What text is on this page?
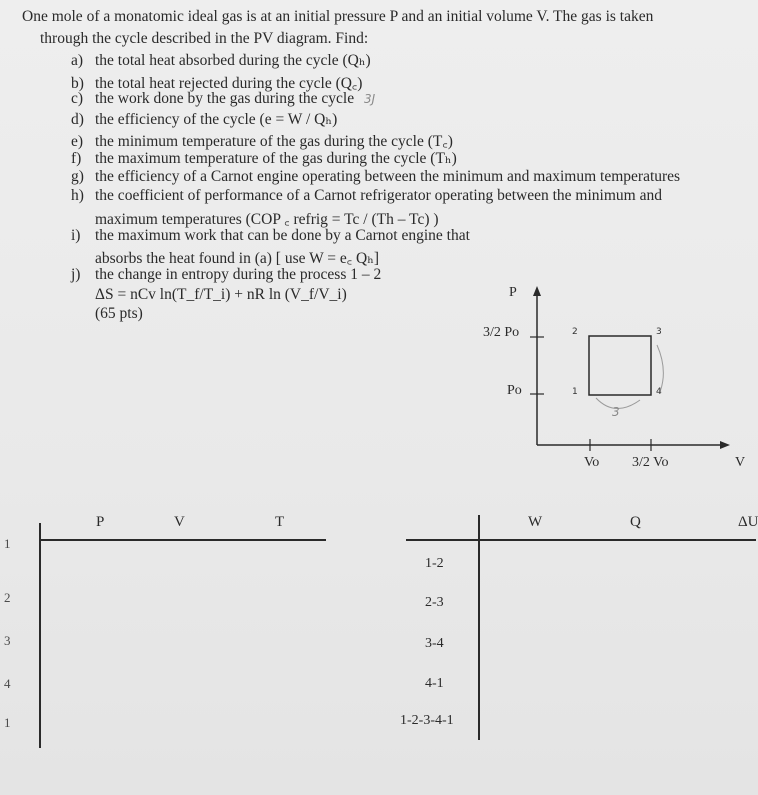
One mole of a monatomic ideal gas is at an initial pressure P and an initial volume V. The gas is taken
through the cycle described in the PV diagram. Find:
a) the total heat absorbed during the cycle (Qₕ)
b) the total heat rejected during the cycle (Q꜀)
c) the work done by the gas during the cycle 3J
d) the efficiency of the cycle (e = W / Qₕ)
e) the minimum temperature of the gas during the cycle (T꜀)
f) the maximum temperature of the gas during the cycle (Tₕ)
g) the efficiency of a Carnot engine operating between the minimum and maximum temperatures
h) the coefficient of performance of a Carnot refrigerator operating between the minimum and
maximum temperatures (COP ꜀ refrig = Tc / (Th – Tc) )
i) the maximum work that can be done by a Carnot engine that
absorbs the heat found in (a) [ use W = e꜀ Qₕ]
j) the change in entropy during the process 1 – 2
ΔS = nCv ln(T_f/T_i) + nR ln (V_f/V_i)
(65 pts)
P
3/2 Po
Po
Vo 3/2 Vo	V
1
2	3
4
3
P	V	T
1
2
3
4
1
W	Q	ΔU
1-2
2-3
3-4
4-1
1-2-3-4-1
